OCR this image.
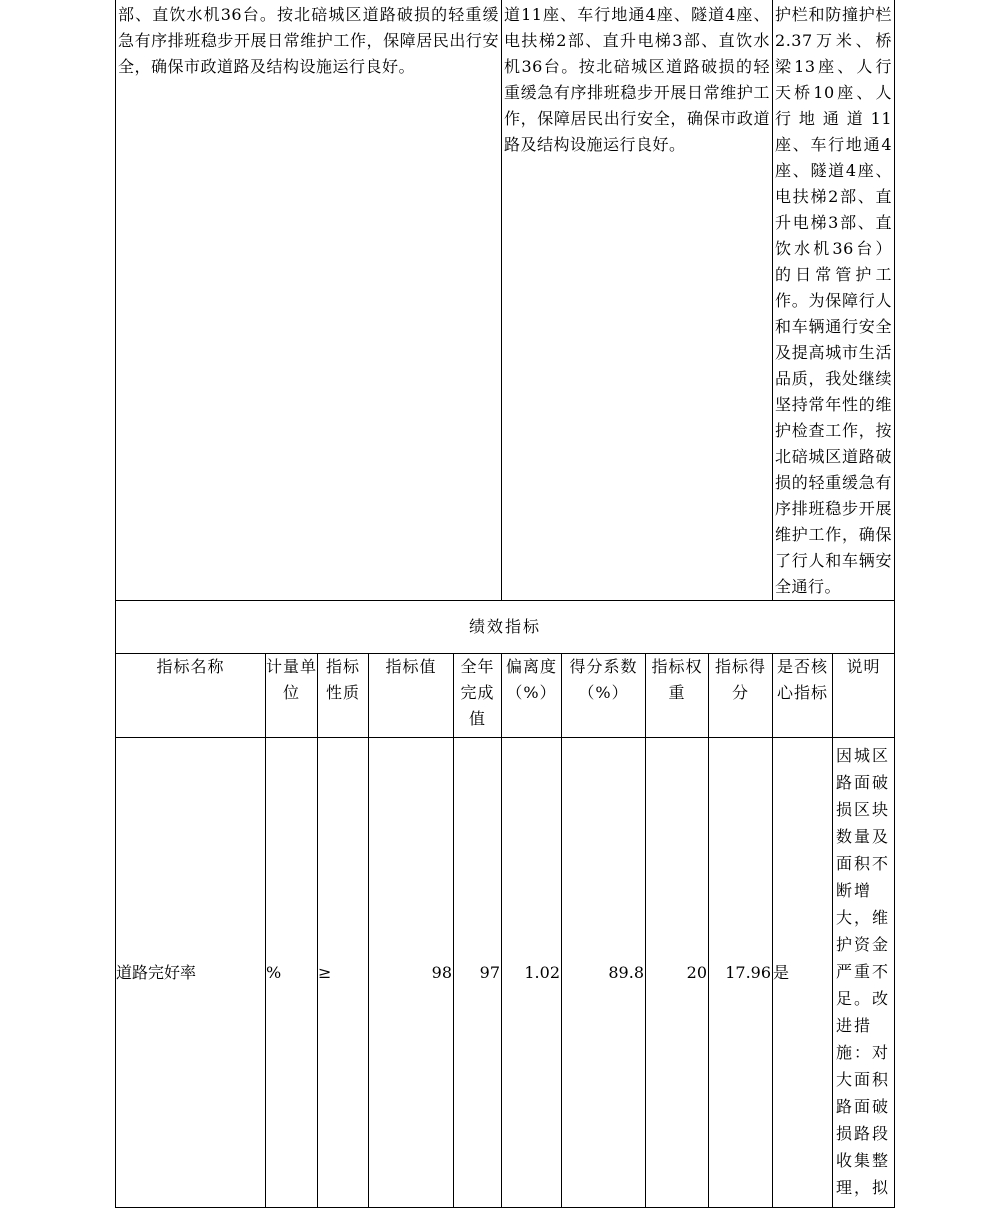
部、直饮水机36台。按北碚城区道路破损的轻重缓急有序排班稳步开展日常维护工作，保障居民出行安全，确保市政道路及结构设施运行良好。					道11座、车行地通4座、隧道4座、电扶梯2部、直升电梯3部、直饮水机36台。按北碚城区道路破损的轻重缓急有序排班稳步开展日常维护工作，保障居民出行安全，确保市政道路及结构设施运行良好。				护栏和防撞护栏2.37万米、桥梁13座、人行天桥10座、人行地通道11座、车行地通4座、隧道4座、电扶梯2部、直升电梯3部、直饮水机36台）的日常管护工作。为保障行人和车辆通行安全及提高城市生活品质，我处继续坚持常年性的维护检查工作，按北碚城区道路破损的轻重缓急有序排班稳步开展维护工作，确保了行人和车辆安全通行。	

绩效指标										
指标名称	计量单位	指标性质	指标值	全年完成值	偏离度（%）	得分系数（%）	指标权重	指标得分	是否核心指标	说明
道路完好率	%	≥	98	97	1.02	89.8	20	17.96	是	因城区路面破损区块数量及面积不断增大，维护资金严重不足。改进措施：对大面积路面破损路段收集整理，拟
